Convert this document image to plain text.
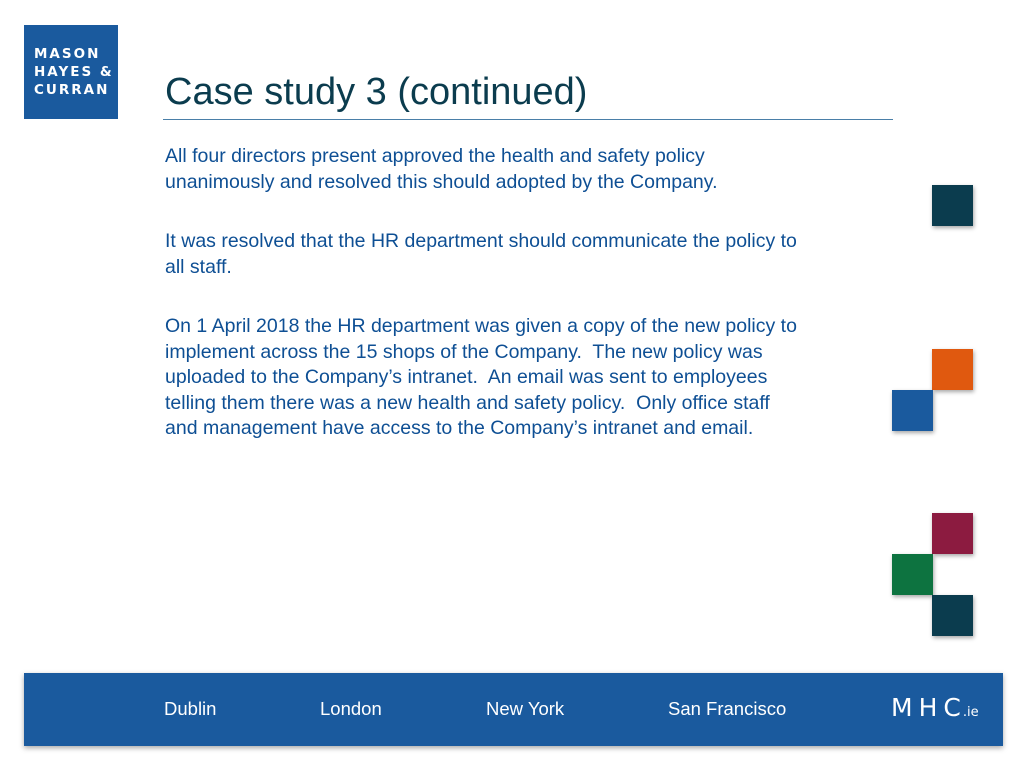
MASON
HAYES &
CURRAN Case study 3 (continued)

All four directors present approved the health and safety policy
unanimously and resolved this should adopted by the Company.

It was resolved that the HR department should communicate the policy to
all staff.

On 1 April 2018 the HR department was given a copy of the new policy to
implement across the 15 shops of the Company.  The new policy was
uploaded to the Company’s intranet.  An email was sent to employees
telling them there was a new health and safety policy.  Only office staff
and management have access to the Company’s intranet and email.

Dublin	London	New York	San Francisco	MHC.ie
